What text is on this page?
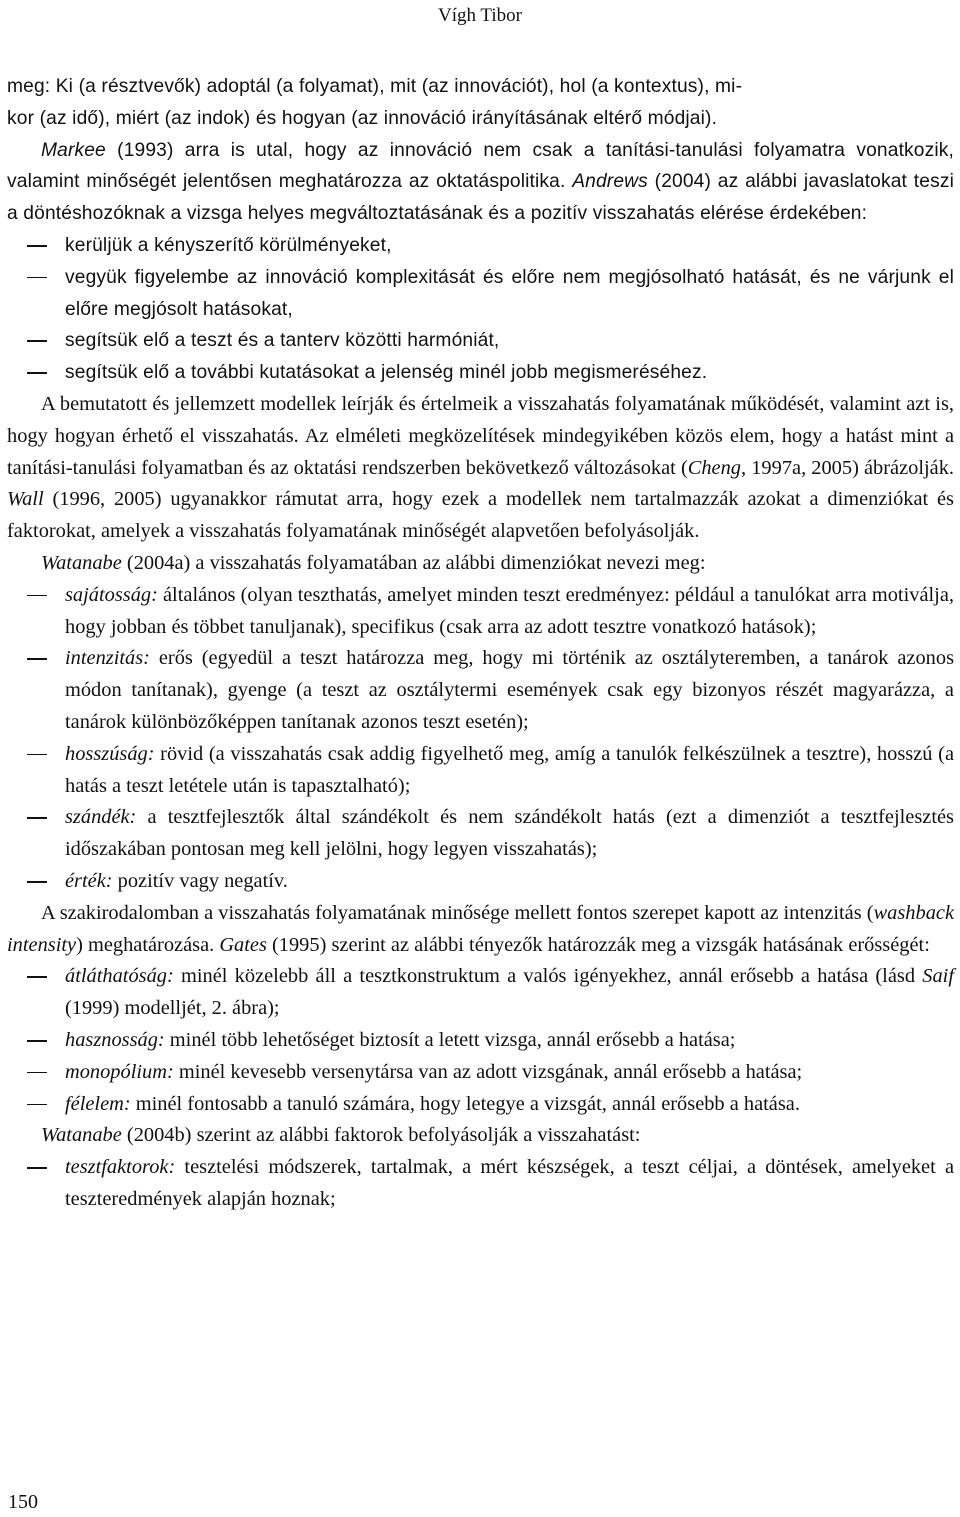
Vígh Tibor

meg: Ki (a résztvevők) adoptál (a folyamat), mit (az innovációt), hol (a kontextus), mi-
kor (az idő), miért (az indok) és hogyan (az innováció irányításának eltérő módjai).

Markee (1993) arra is utal, hogy az innováció nem csak a tanítási-tanulási folyamatra vonatkozik, valamint minőségét jelentősen meghatározza az oktatáspolitika. Andrews (2004) az alábbi javaslatokat teszi a döntéshozóknak a vizsga helyes megváltoztatásának és a pozitív visszahatás elérése érdekében:

kerüljük a kényszerítő körülményeket,
vegyük figyelembe az innováció komplexitását és előre nem megjósolható hatását, és ne várjunk el előre megjósolt hatásokat,
segítsük elő a teszt és a tanterv közötti harmóniát,
segítsük elő a további kutatásokat a jelenség minél jobb megismeréséhez.

A bemutatott és jellemzett modellek leírják és értelmeik a visszahatás folyamatának működését, valamint azt is, hogy hogyan érhető el visszahatás. Az elméleti megközelítések mindegyikében közös elem, hogy a hatást mint a tanítási-tanulási folyamatban és az oktatási rendszerben bekövetkező változásokat (Cheng, 1997a, 2005) ábrázolják. Wall (1996, 2005) ugyanakkor rámutat arra, hogy ezek a modellek nem tartalmazzák azokat a dimenziókat és faktorokat, amelyek a visszahatás folyamatának minőségét alapvetően befolyásolják.

Watanabe (2004a) a visszahatás folyamatában az alábbi dimenziókat nevezi meg:

sajátosság: általános (olyan teszthatás, amelyet minden teszt eredményez: például a tanulókat arra motiválja, hogy jobban és többet tanuljanak), specifikus (csak arra az adott tesztre vonatkozó hatások);
intenzitás: erős (egyedül a teszt határozza meg, hogy mi történik az osztályteremben, a tanárok azonos módon tanítanak), gyenge (a teszt az osztálytermi események csak egy bizonyos részét magyarázza, a tanárok különbözőképpen tanítanak azonos teszt esetén);
hosszúság: rövid (a visszahatás csak addig figyelhető meg, amíg a tanulók felkészülnek a tesztre), hosszú (a hatás a teszt letétele után is tapasztalható);
szándék: a tesztfejlesztők által szándékolt és nem szándékolt hatás (ezt a dimenziót a tesztfejlesztés időszakában pontosan meg kell jelölni, hogy legyen visszahatás);
érték: pozitív vagy negatív.

A szakirodalomban a visszahatás folyamatának minősége mellett fontos szerepet kapott az intenzitás (washback intensity) meghatározása. Gates (1995) szerint az alábbi tényezők határozzák meg a vizsgák hatásának erősségét:

átláthatóság: minél közelebb áll a tesztkonstruktum a valós igényekhez, annál erősebb a hatása (lásd Saif (1999) modelljét, 2. ábra);
hasznosság: minél több lehetőséget biztosít a letett vizsga, annál erősebb a hatása;
monopólium: minél kevesebb versenytársa van az adott vizsgának, annál erősebb a hatása;
félelem: minél fontosabb a tanuló számára, hogy letegye a vizsgát, annál erősebb a hatása.

Watanabe (2004b) szerint az alábbi faktorok befolyásolják a visszahatást:

tesztfaktorok: tesztelési módszerek, tartalmak, a mért készségek, a teszt céljai, a döntések, amelyeket a teszteredmények alapján hoznak;
150
